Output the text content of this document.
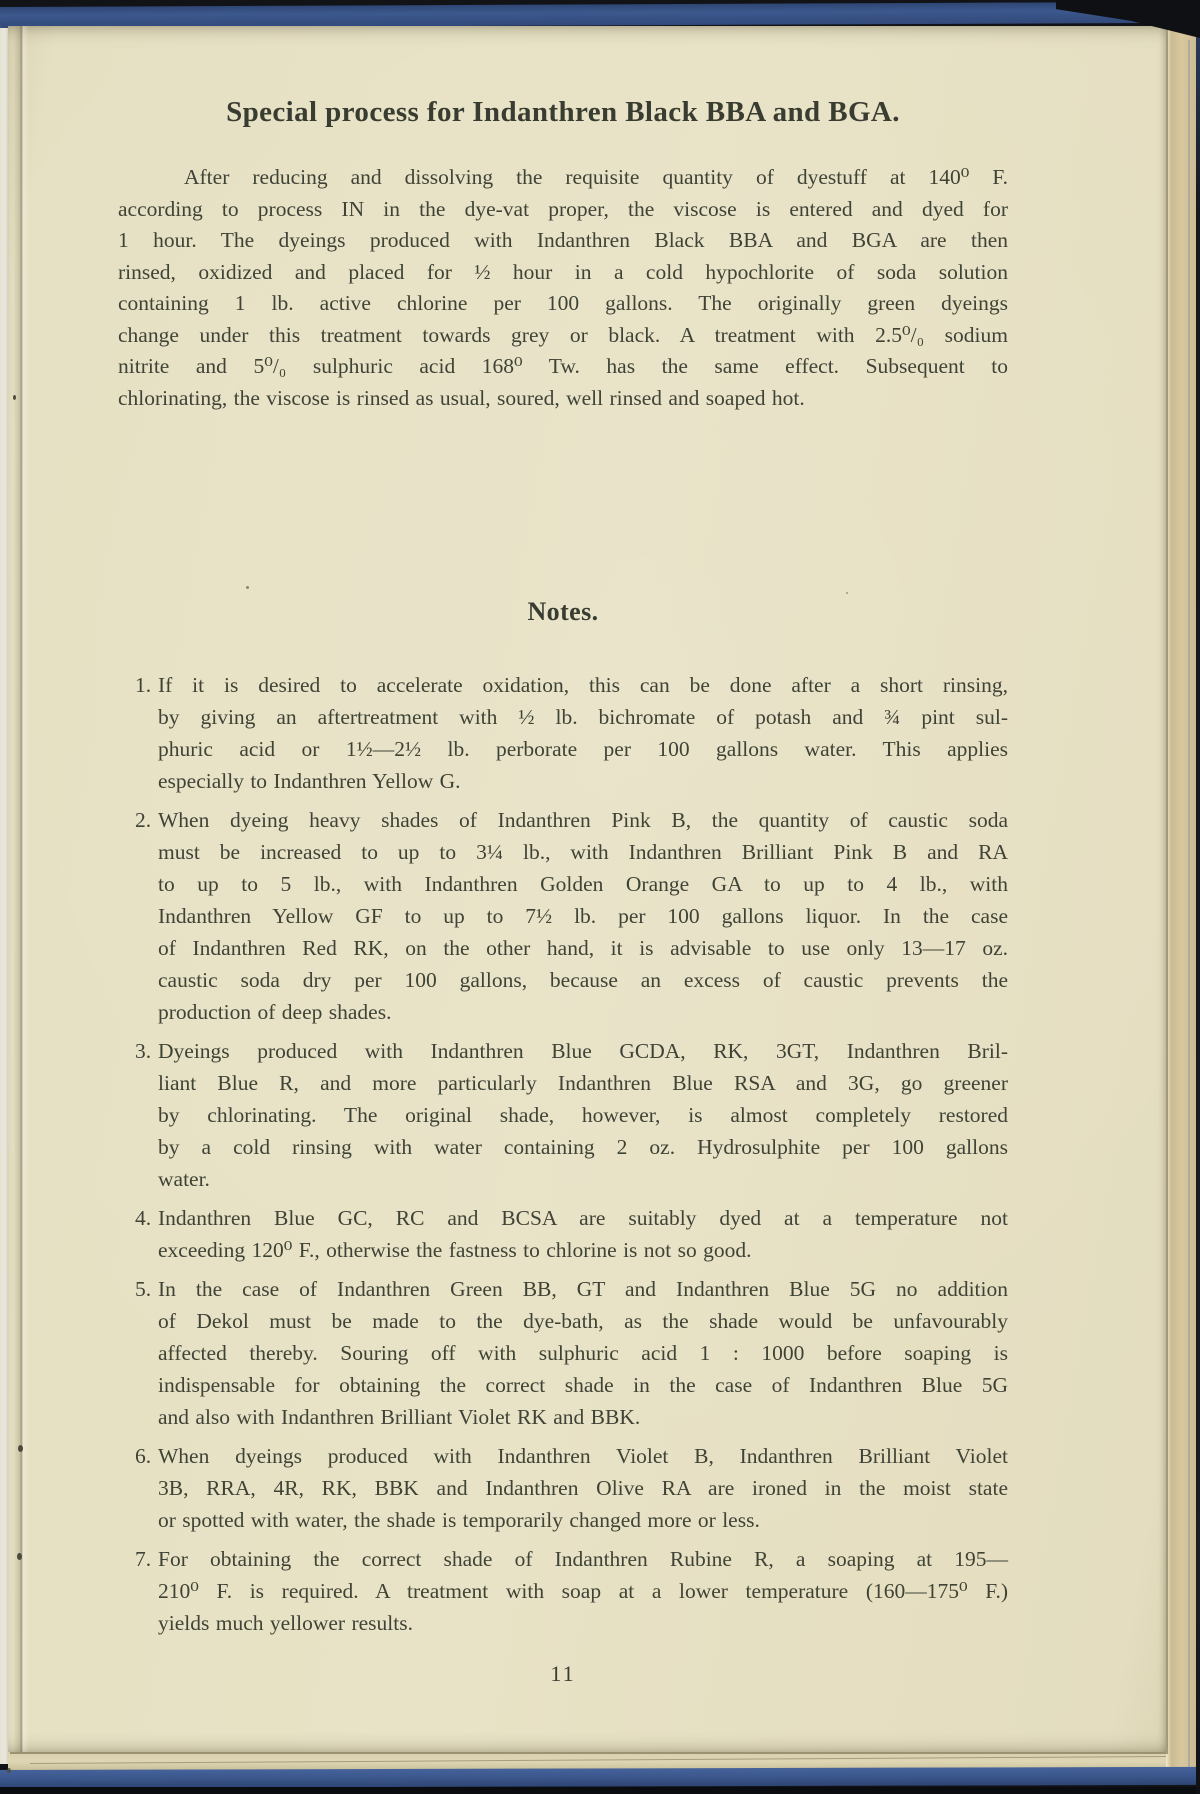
Special process for Indanthren Black BBA and BGA.
After reducing and dissolving the requisite quantity of dyestuff at 140⁰ F.
according to process IN in the dye-vat proper, the viscose is entered and dyed for
1 hour. The dyeings produced with Indanthren Black BBA and BGA are then
rinsed, oxidized and placed for ½ hour in a cold hypochlorite of soda solution
containing 1 lb. active chlorine per 100 gallons. The originally green dyeings
change under this treatment towards grey or black. A treatment with 2.5⁰/₀ sodium
nitrite and 5⁰/₀ sulphuric acid 168⁰ Tw. has the same effect. Subsequent to
chlorinating, the viscose is rinsed as usual, soured, well rinsed and soaped hot.
Notes.
1. If it is desired to accelerate oxidation, this can be done after a short rinsing,
by giving an aftertreatment with ½ lb. bichromate of potash and ¾ pint sul-
phuric acid or 1½—2½ lb. perborate per 100 gallons water. This applies
especially to Indanthren Yellow G.
2. When dyeing heavy shades of Indanthren Pink B, the quantity of caustic soda
must be increased to up to 3¼ lb., with Indanthren Brilliant Pink B and RA
to up to 5 lb., with Indanthren Golden Orange GA to up to 4 lb., with
Indanthren Yellow GF to up to 7½ lb. per 100 gallons liquor. In the case
of Indanthren Red RK, on the other hand, it is advisable to use only 13—17 oz.
caustic soda dry per 100 gallons, because an excess of caustic prevents the
production of deep shades.
3. Dyeings produced with Indanthren Blue GCDA, RK, 3GT, Indanthren Bril-
liant Blue R, and more particularly Indanthren Blue RSA and 3G, go greener
by chlorinating. The original shade, however, is almost completely restored
by a cold rinsing with water containing 2 oz. Hydrosulphite per 100 gallons
water.
4. Indanthren Blue GC, RC and BCSA are suitably dyed at a temperature not
exceeding 120⁰ F., otherwise the fastness to chlorine is not so good.
5. In the case of Indanthren Green BB, GT and Indanthren Blue 5G no addition
of Dekol must be made to the dye-bath, as the shade would be unfavourably
affected thereby. Souring off with sulphuric acid 1 : 1000 before soaping is
indispensable for obtaining the correct shade in the case of Indanthren Blue 5G
and also with Indanthren Brilliant Violet RK and BBK.
6. When dyeings produced with Indanthren Violet B, Indanthren Brilliant Violet
3B, RRA, 4R, RK, BBK and Indanthren Olive RA are ironed in the moist state
or spotted with water, the shade is temporarily changed more or less.
7. For obtaining the correct shade of Indanthren Rubine R, a soaping at 195—
210⁰ F. is required. A treatment with soap at a lower temperature (160—175⁰ F.)
yields much yellower results.
11
